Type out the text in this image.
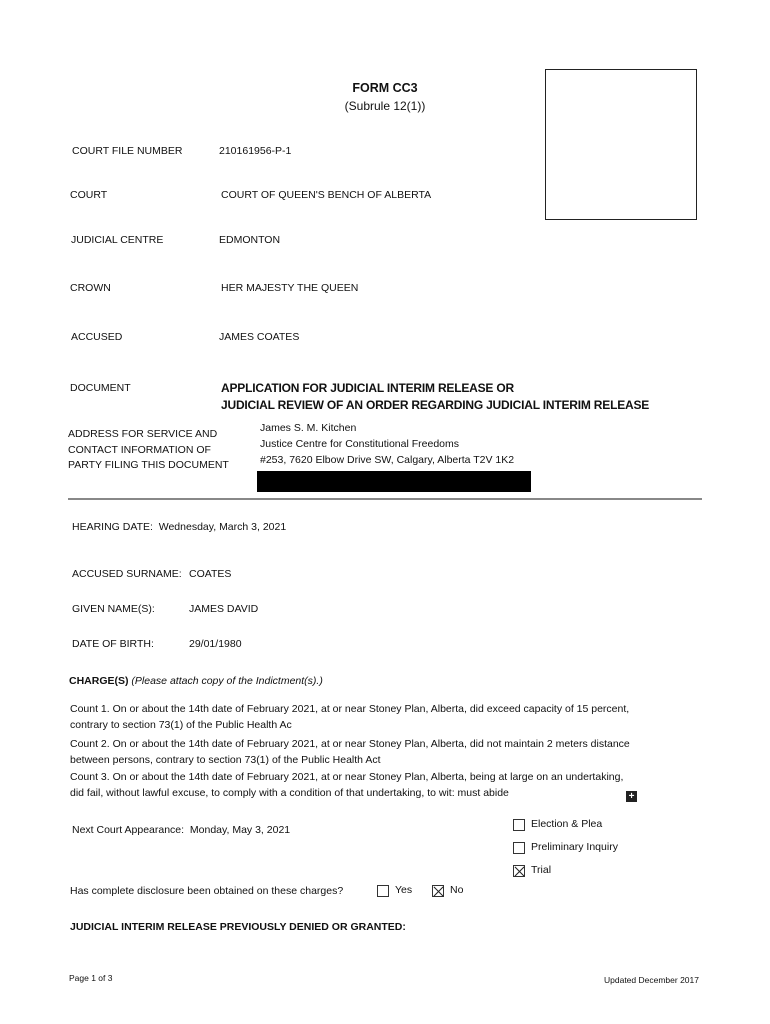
FORM CC3
(Subrule 12(1))
COURT FILE NUMBER	210161956-P-1
COURT	COURT OF QUEEN'S BENCH OF ALBERTA
JUDICIAL CENTRE	EDMONTON
CROWN	HER MAJESTY THE QUEEN
ACCUSED	JAMES COATES
DOCUMENT	APPLICATION FOR JUDICIAL INTERIM RELEASE OR
JUDICIAL REVIEW OF AN ORDER REGARDING JUDICIAL INTERIM RELEASE
ADDRESS FOR SERVICE AND
CONTACT INFORMATION OF
PARTY FILING THIS DOCUMENT
James S. M. Kitchen
Justice Centre for Constitutional Freedoms
#253, 7620 Elbow Drive SW, Calgary, Alberta T2V 1K2
HEARING DATE: Wednesday, March 3, 2021
ACCUSED SURNAME: COATES
GIVEN NAME(S):	JAMES DAVID
DATE OF BIRTH:	29/01/1980
CHARGE(S) (Please attach copy of the Indictment(s).)
Count 1. On or about the 14th date of February 2021, at or near Stoney Plan, Alberta, did exceed capacity of 15 percent, contrary to section 73(1) of the Public Health Ac
Count 2. On or about the 14th date of February 2021, at or near Stoney Plan, Alberta, did not maintain 2 meters distance between persons, contrary to section 73(1) of the Public Health Act
Count 3. On or about the 14th date of February 2021, at or near Stoney Plan, Alberta, being at large on an undertaking, did fail, without lawful excuse, to comply with a condition of that undertaking, to wit: must abide	+
Next Court Appearance: Monday, May 3, 2021	Election & Plea
Preliminary Inquiry
Trial
Has complete disclosure been obtained on these charges?	Yes	No
JUDICIAL INTERIM RELEASE PREVIOUSLY DENIED OR GRANTED:
Page 1 of 3	Updated December 2017
